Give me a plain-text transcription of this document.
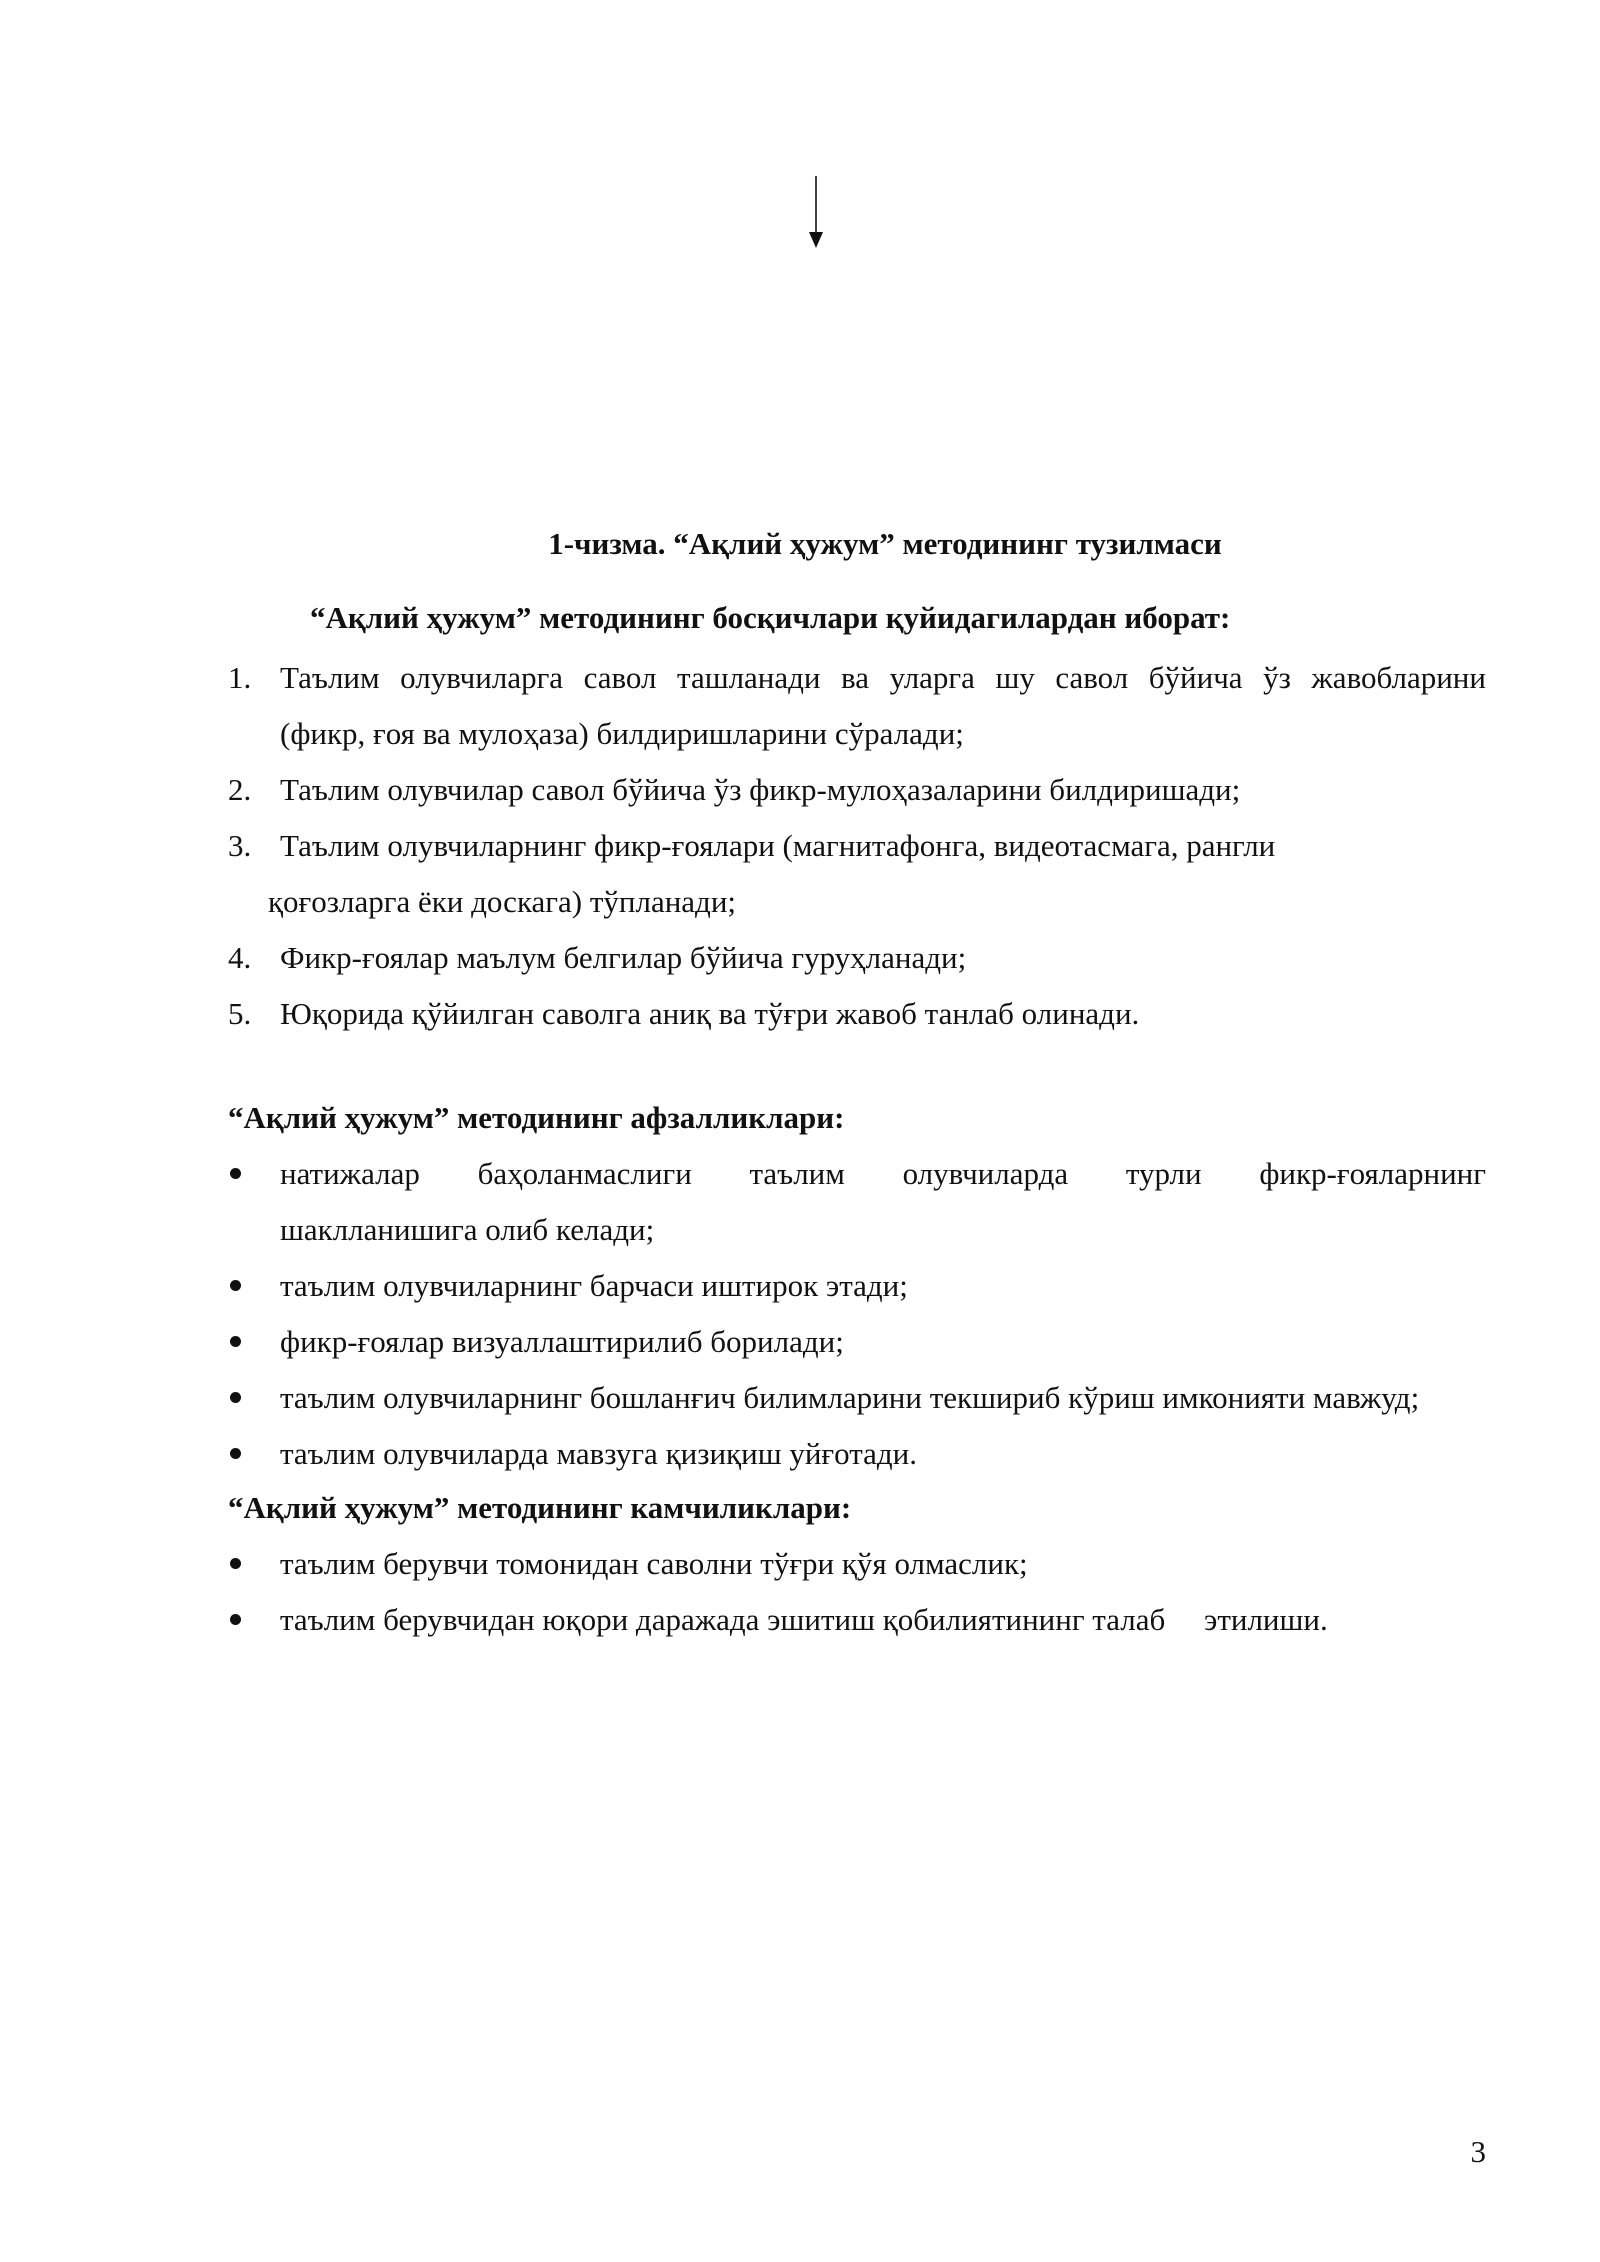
1-чизма. “Ақлий ҳужум” методининг тузилмаси
“Ақлий ҳужум” методининг босқичлари қуйидагилардан иборат:
1. Таълим олувчиларга савол ташланади ва уларга шу савол бўйича ўз жавобларини
(фикр, ғоя ва мулоҳаза) билдиришларини сўралади;
2. Таълим олувчилар савол бўйича ўз фикр-мулоҳазаларини билдиришади;
3. Таълим олувчиларнинг фикр-ғоялари (магнитафонга, видеотасмага, рангли
қоғозларга ёки доскага) тўпланади;
4. Фикр-ғоялар маълум белгилар бўйича гуруҳланади;
5. Юқорида қўйилган саволга аниқ ва тўғри жавоб танлаб олинади.
“Ақлий ҳужум” методининг афзалликлари:
натижалар баҳоланмаслиги таълим олувчиларда турли фикр-ғояларнинг
шаклланишига олиб келади;
таълим олувчиларнинг барчаси иштирок этади;
фикр-ғоялар визуаллаштирилиб борилади;
таълим олувчиларнинг бошланғич билимларини текшириб кўриш имконияти мавжуд;
таълим олувчиларда мавзуга қизиқиш уйғотади.
“Ақлий ҳужум” методининг камчиликлари:
таълим берувчи томонидан саволни тўғри қўя олмаслик;
таълим берувчидан юқори даражада эшитиш қобилиятининг талаб     этилиши.
3
